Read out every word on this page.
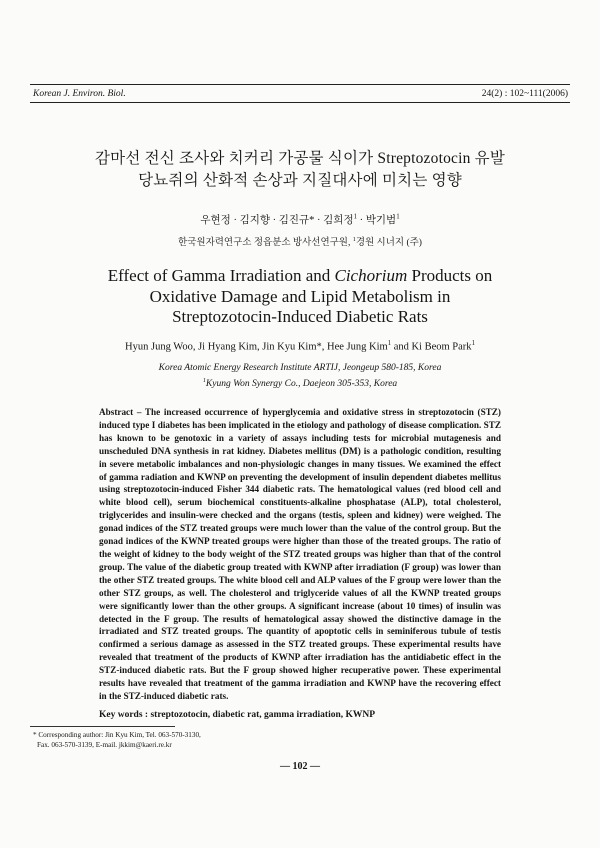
Korean J. Environ. Biol.	24(2) : 102~111(2006)
감마선 전신 조사와 치커리 가공물 식이가 Streptozotocin 유발
당뇨쥐의 산화적 손상과 지질대사에 미치는 영향
우현정 · 김지향 · 김진규* · 김희정$^1$ · 박기범$^1$
한국원자력연구소 정읍분소 방사선연구원, $^1$경원 시너지 (주)
Effect of Gamma Irradiation and Cichorium Products on
Oxidative Damage and Lipid Metabolism in
Streptozotocin-Induced Diabetic Rats
Hyun Jung Woo, Ji Hyang Kim, Jin Kyu Kim*, Hee Jung Kim$^1$ and Ki Beom Park$^1$
Korea Atomic Energy Research Institute ARTIJ, Jeongeup 580-185, Korea
$^1$Kyung Won Synergy Co., Daejeon 305-353, Korea
Abstract – The increased occurrence of hyperglycemia and oxidative stress in streptozotocin (STZ) induced type I diabetes has been implicated in the etiology and pathology of disease complication. STZ has known to be genotoxic in a variety of assays including tests for microbial mutagenesis and unscheduled DNA synthesis in rat kidney. Diabetes mellitus (DM) is a pathologic condition, resulting in severe metabolic imbalances and non-physiologic changes in many tissues. We examined the effect of gamma radiation and KWNP on preventing the development of insulin dependent diabetes mellitus using streptozotocin-induced Fisher 344 diabetic rats. The hematological values (red blood cell and white blood cell), serum biochemical constituents-alkaline phosphatase (ALP), total cholesterol, triglycerides and insulin-were checked and the organs (testis, spleen and kidney) were weighed. The gonad indices of the STZ treated groups were much lower than the value of the control group. But the gonad indices of the KWNP treated groups were higher than those of the treated groups. The ratio of the weight of kidney to the body weight of the STZ treated groups was higher than that of the control group. The value of the diabetic group treated with KWNP after irradiation (F group) was lower than the other STZ treated groups. The white blood cell and ALP values of the F group were lower than the other STZ groups, as well. The cholesterol and triglyceride values of all the KWNP treated groups were significantly lower than the other groups. A significant increase (about 10 times) of insulin was detected in the F group. The results of hematological assay showed the distinctive damage in the irradiated and STZ treated groups. The quantity of apoptotic cells in seminiferous tubule of testis confirmed a serious damage as assessed in the STZ treated groups. These experimental results have revealed that treatment of the products of KWNP after irradiation has the antidiabetic effect in the STZ-induced diabetic rats. But the F group showed higher recuperative power. These experimental results have revealed that treatment of the gamma irradiation and KWNP have the recovering effect in the STZ-induced diabetic rats.
Key words : streptozotocin, diabetic rat, gamma irradiation, KWNP
* Corresponding author: Jin Kyu Kim, Tel. 063-570-3130,
Fax. 063-570-3139, E-mail. jkkim@kaeri.re.kr
— 102 —
